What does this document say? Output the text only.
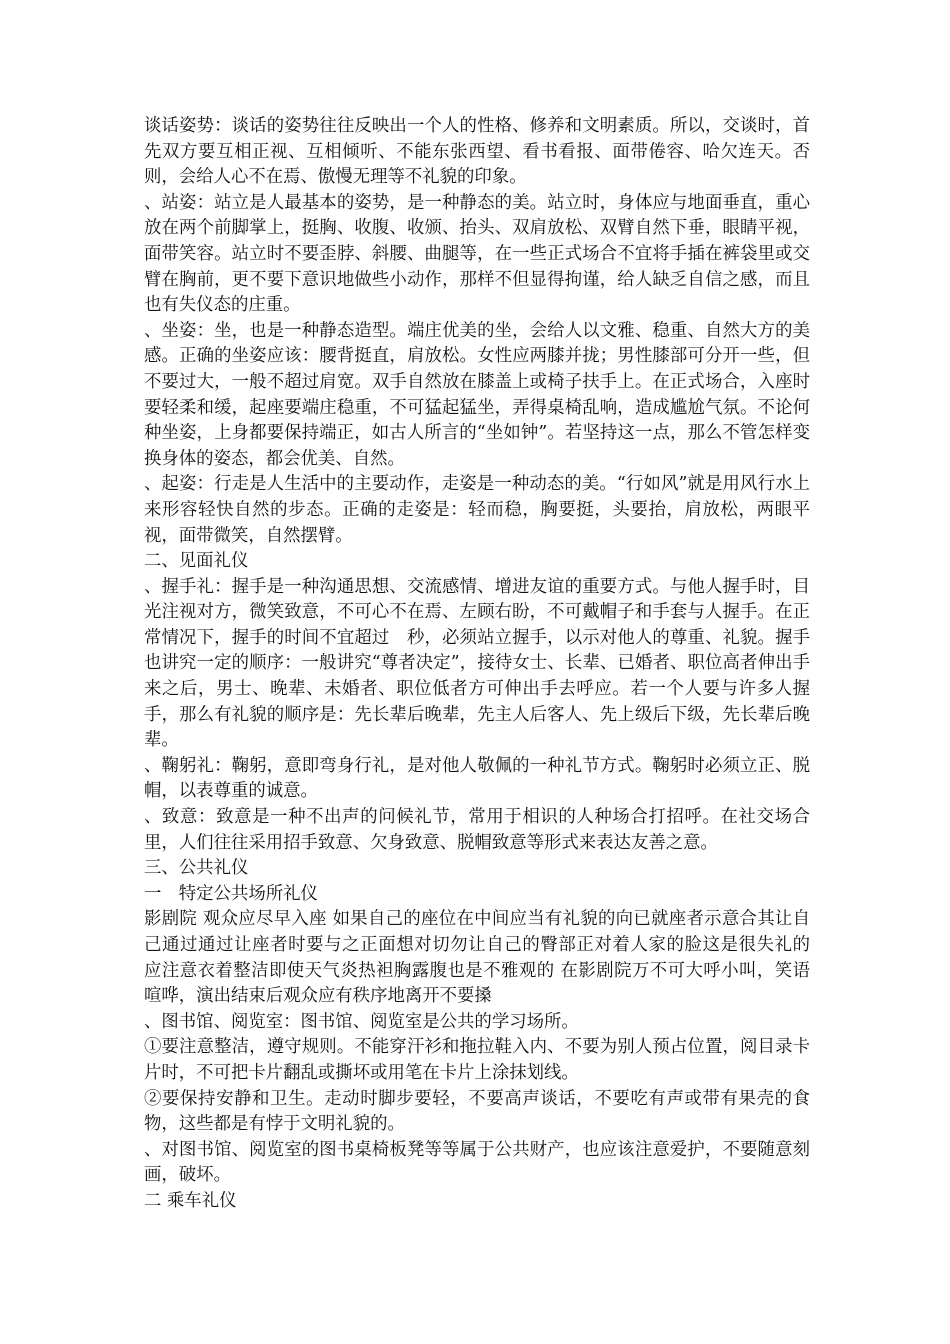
谈话姿势：谈话的姿势往往反映出一个人的性格、修养和文明素质。所以，交谈时，首先双方要互相正视、互相倾听、不能东张西望、看书看报、面带倦容、哈欠连天。否则，会给人心不在焉、傲慢无理等不礼貌的印象。

、站姿：站立是人最基本的姿势，是一种静态的美。站立时，身体应与地面垂直，重心放在两个前脚掌上，挺胸、收腹、收颁、抬头、双肩放松、双臂自然下垂，眼睛平视，面带笑容。站立时不要歪脖、斜腰、曲腿等，在一些正式场合不宜将手插在裤袋里或交臂在胸前，更不要下意识地做些小动作，那样不但显得拘谨，给人缺乏自信之感，而且也有失仪态的庄重。

、坐姿：坐，也是一种静态造型。端庄优美的坐，会给人以文雅、稳重、自然大方的美感。正确的坐姿应该：腰背挺直，肩放松。女性应两膝并拢；男性膝部可分开一些，但不要过大，一般不超过肩宽。双手自然放在膝盖上或椅子扶手上。在正式场合，入座时要轻柔和缓，起座要端庄稳重，不可猛起猛坐，弄得桌椅乱响，造成尴尬气氛。不论何种坐姿，上身都要保持端正，如古人所言的“坐如钟”。若坚持这一点，那么不管怎样变换身体的姿态，都会优美、自然。

、起姿：行走是人生活中的主要动作，走姿是一种动态的美。“行如风”就是用风行水上来形容轻快自然的步态。正确的走姿是：轻而稳，胸要挺，头要抬，肩放松，两眼平视，面带微笑，自然摆臂。

二、见面礼仪

、握手礼：握手是一种沟通思想、交流感情、增进友谊的重要方式。与他人握手时，目光注视对方，微笑致意，不可心不在焉、左顾右盼，不可戴帽子和手套与人握手。在正常情况下，握手的时间不宜超过　秒，必须站立握手，以示对他人的尊重、礼貌。握手也讲究一定的顺序：一般讲究“尊者决定”，接待女士、长辈、已婚者、职位高者伸出手来之后，男士、晚辈、未婚者、职位低者方可伸出手去呼应。若一个人要与许多人握手，那么有礼貌的顺序是：先长辈后晚辈，先主人后客人、先上级后下级，先长辈后晚辈。

、鞠躬礼：鞠躬，意即弯身行礼，是对他人敬佩的一种礼节方式。鞠躬时必须立正、脱帽，以表尊重的诚意。

、致意：致意是一种不出声的问候礼节，常用于相识的人种场合打招呼。在社交场合里，人们往往采用招手致意、欠身致意、脱帽致意等形式来表达友善之意。

三、公共礼仪

一　特定公共场所礼仪

影剧院 观众应尽早入座 如果自己的座位在中间应当有礼貌的向已就座者示意合其让自己通过通过让座者时要与之正面想对切勿让自己的臀部正对着人家的脸这是很失礼的 应注意衣着整洁即使天气炎热袒胸露腹也是不雅观的 在影剧院万不可大呼小叫，笑语喧哗，演出结束后观众应有秩序地离开不要搡

、图书馆、阅览室：图书馆、阅览室是公共的学习场所。

①要注意整洁，遵守规则。不能穿汗衫和拖拉鞋入内、不要为别人预占位置，阅目录卡片时，不可把卡片翻乱或撕坏或用笔在卡片上涂抹划线。

②要保持安静和卫生。走动时脚步要轻，不要高声谈话，不要吃有声或带有果壳的食物，这些都是有悖于文明礼貌的。

、对图书馆、阅览室的图书桌椅板凳等等属于公共财产，也应该注意爱护，不要随意刻画，破坏。

二 乘车礼仪
